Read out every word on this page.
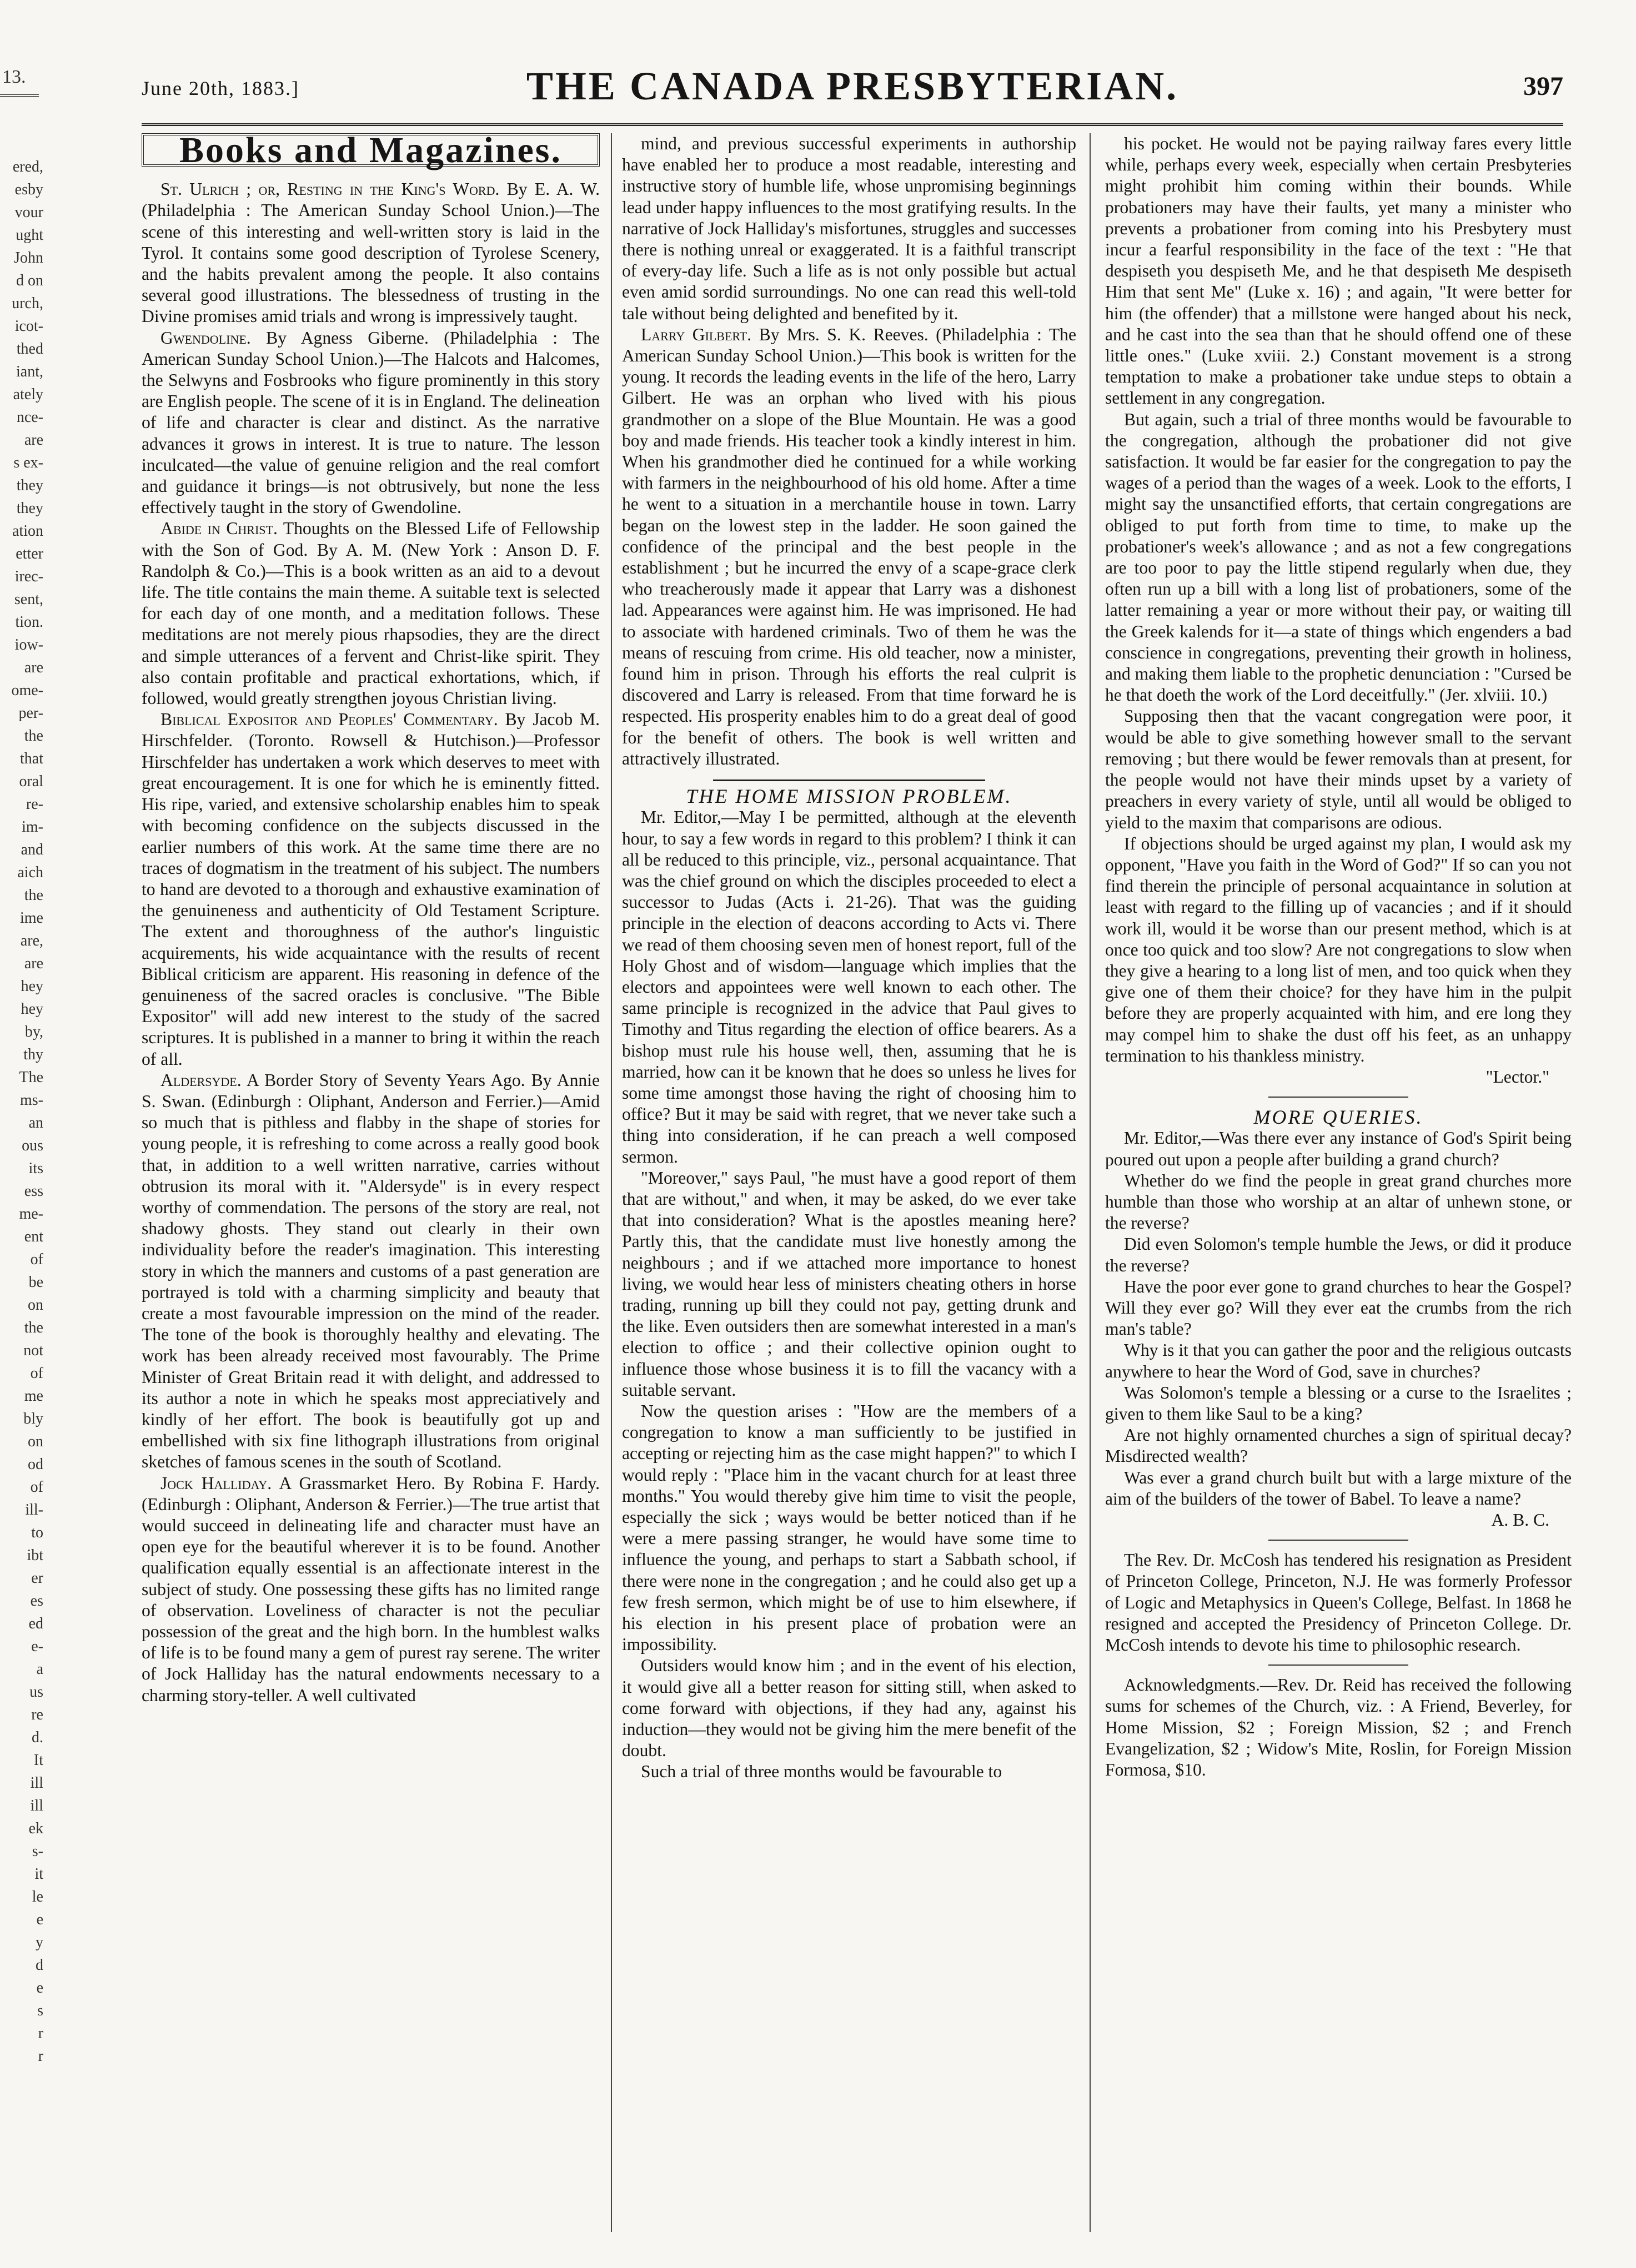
13.
ered,
esby
vour
ught
John
d on
urch,
icot-
thed
iant,
ately
nce-
are
s ex-
they
they
ation
etter
irec-
sent,
tion.
iow-
are
ome-
per-
the
that
oral
re-
im-
and
aich
the
ime
are,
are
hey
hey
by,
thy
The
ms-
an
ous
its
ess
me-
ent
of
be
on
the
not
of
me
bly
on
od
of
ill-
to
ibt
er
es
ed
e-
a
us
re
d.
It
ill
ill
ek
s-
it
le
e
y
d
e
s
r
r
June 20th, 1883.]	THE CANADA PRESBYTERIAN.	397
Books and Magazines.

St. Ulrich ; or, Resting in the King's Word. By E. A. W. (Philadelphia : The American Sunday School Union.)—The scene of this interesting and well-written story is laid in the Tyrol. It contains some good description of Tyrolese Scenery, and the habits prevalent among the people. It also contains several good illustrations. The blessedness of trusting in the Divine promises amid trials and wrong is impressively taught.

Gwendoline. By Agness Giberne. (Philadelphia : The American Sunday School Union.)—The Halcots and Halcomes, the Selwyns and Fosbrooks who figure prominently in this story are English people. The scene of it is in England. The delineation of life and character is clear and distinct. As the narrative advances it grows in interest. It is true to nature. The lesson inculcated—the value of genuine religion and the real comfort and guidance it brings—is not obtrusively, but none the less effectively taught in the story of Gwendoline.

Abide in Christ. Thoughts on the Blessed Life of Fellowship with the Son of God. By A. M. (New York : Anson D. F. Randolph & Co.)—This is a book written as an aid to a devout life. The title contains the main theme. A suitable text is selected for each day of one month, and a meditation follows. These meditations are not merely pious rhapsodies, they are the direct and simple utterances of a fervent and Christ-like spirit. They also contain profitable and practical exhortations, which, if followed, would greatly strengthen joyous Christian living.

Biblical Expositor and Peoples' Commentary. By Jacob M. Hirschfelder. (Toronto. Rowsell & Hutchison.)—Professor Hirschfelder has undertaken a work which deserves to meet with great encouragement. It is one for which he is eminently fitted. His ripe, varied, and extensive scholarship enables him to speak with becoming confidence on the subjects discussed in the earlier numbers of this work. At the same time there are no traces of dogmatism in the treatment of his subject. The numbers to hand are devoted to a thorough and exhaustive examination of the genuineness and authenticity of Old Testament Scripture. The extent and thoroughness of the author's linguistic acquirements, his wide acquaintance with the results of recent Biblical criticism are apparent. His reasoning in defence of the genuineness of the sacred oracles is conclusive. "The Bible Expositor" will add new interest to the study of the sacred scriptures. It is published in a manner to bring it within the reach of all.

Aldersyde. A Border Story of Seventy Years Ago. By Annie S. Swan. (Edinburgh : Oliphant, Anderson and Ferrier.)—Amid so much that is pithless and flabby in the shape of stories for young people, it is refreshing to come across a really good book that, in addition to a well written narrative, carries without obtrusion its moral with it. "Aldersyde" is in every respect worthy of commendation. The persons of the story are real, not shadowy ghosts. They stand out clearly in their own individuality before the reader's imagination. This interesting story in which the manners and customs of a past generation are portrayed is told with a charming simplicity and beauty that create a most favourable impression on the mind of the reader. The tone of the book is thoroughly healthy and elevating. The work has been already received most favourably. The Prime Minister of Great Britain read it with delight, and addressed to its author a note in which he speaks most appreciatively and kindly of her effort. The book is beautifully got up and embellished with six fine lithograph illustrations from original sketches of famous scenes in the south of Scotland.

Jock Halliday. A Grassmarket Hero. By Robina F. Hardy. (Edinburgh : Oliphant, Anderson & Ferrier.)—The true artist that would succeed in delineating life and character must have an open eye for the beautiful wherever it is to be found. Another qualification equally essential is an affectionate interest in the subject of study. One possessing these gifts has no limited range of observation. Loveliness of character is not the peculiar possession of the great and the high born. In the humblest walks of life is to be found many a gem of purest ray serene. The writer of Jock Halliday has the natural endowments necessary to a charming story-teller. A well cultivated

mind, and previous successful experiments in authorship have enabled her to produce a most readable, interesting and instructive story of humble life, whose unpromising beginnings lead under happy influences to the most gratifying results. In the narrative of Jock Halliday's misfortunes, struggles and successes there is nothing unreal or exaggerated. It is a faithful transcript of every-day life. Such a life as is not only possible but actual even amid sordid surroundings. No one can read this well-told tale without being delighted and benefited by it.

Larry Gilbert. By Mrs. S. K. Reeves. (Philadelphia : The American Sunday School Union.)—This book is written for the young. It records the leading events in the life of the hero, Larry Gilbert. He was an orphan who lived with his pious grandmother on a slope of the Blue Mountain. He was a good boy and made friends. His teacher took a kindly interest in him. When his grandmother died he continued for a while working with farmers in the neighbourhood of his old home. After a time he went to a situation in a merchantile house in town. Larry began on the lowest step in the ladder. He soon gained the confidence of the principal and the best people in the establishment ; but he incurred the envy of a scape-grace clerk who treacherously made it appear that Larry was a dishonest lad. Appearances were against him. He was imprisoned. He had to associate with hardened criminals. Two of them he was the means of rescuing from crime. His old teacher, now a minister, found him in prison. Through his efforts the real culprit is discovered and Larry is released. From that time forward he is respected. His prosperity enables him to do a great deal of good for the benefit of others. The book is well written and attractively illustrated.

THE HOME MISSION PROBLEM.

Mr. Editor,—May I be permitted, although at the eleventh hour, to say a few words in regard to this problem? I think it can all be reduced to this principle, viz., personal acquaintance. That was the chief ground on which the disciples proceeded to elect a successor to Judas (Acts i. 21-26). That was the guiding principle in the election of deacons according to Acts vi. There we read of them choosing seven men of honest report, full of the Holy Ghost and of wisdom—language which implies that the electors and appointees were well known to each other. The same principle is recognized in the advice that Paul gives to Timothy and Titus regarding the election of office bearers. As a bishop must rule his house well, then, assuming that he is married, how can it be known that he does so unless he lives for some time amongst those having the right of choosing him to office? But it may be said with regret, that we never take such a thing into consideration, if he can preach a well composed sermon.

"Moreover," says Paul, "he must have a good report of them that are without," and when, it may be asked, do we ever take that into consideration? What is the apostles meaning here? Partly this, that the candidate must live honestly among the neighbours ; and if we attached more importance to honest living, we would hear less of ministers cheating others in horse trading, running up bill they could not pay, getting drunk and the like. Even outsiders then are somewhat interested in a man's election to office ; and their collective opinion ought to influence those whose business it is to fill the vacancy with a suitable servant.

Now the question arises : "How are the members of a congregation to know a man sufficiently to be justified in accepting or rejecting him as the case might happen?" to which I would reply : "Place him in the vacant church for at least three months." You would thereby give him time to visit the people, especially the sick ; ways would be better noticed than if he were a mere passing stranger, he would have some time to influence the young, and perhaps to start a Sabbath school, if there were none in the congregation ; and he could also get up a few fresh sermon, which might be of use to him elsewhere, if his election in his present place of probation were an impossibility.

Outsiders would know him ; and in the event of his election, it would give all a better reason for sitting still, when asked to come forward with objections, if they had any, against his induction—they would not be giving him the mere benefit of the doubt.

Such a trial of three months would be favourable to

his pocket. He would not be paying railway fares every little while, perhaps every week, especially when certain Presbyteries might prohibit him coming within their bounds. While probationers may have their faults, yet many a minister who prevents a probationer from coming into his Presbytery must incur a fearful responsibility in the face of the text : "He that despiseth you despiseth Me, and he that despiseth Me despiseth Him that sent Me" (Luke x. 16) ; and again, "It were better for him (the offender) that a millstone were hanged about his neck, and he cast into the sea than that he should offend one of these little ones." (Luke xviii. 2.) Constant movement is a strong temptation to make a probationer take undue steps to obtain a settlement in any congregation.

But again, such a trial of three months would be favourable to the congregation, although the probationer did not give satisfaction. It would be far easier for the congregation to pay the wages of a period than the wages of a week. Look to the efforts, I might say the unsanctified efforts, that certain congregations are obliged to put forth from time to time, to make up the probationer's week's allowance ; and as not a few congregations are too poor to pay the little stipend regularly when due, they often run up a bill with a long list of probationers, some of the latter remaining a year or more without their pay, or waiting till the Greek kalends for it—a state of things which engenders a bad conscience in congregations, preventing their growth in holiness, and making them liable to the prophetic denunciation : "Cursed be he that doeth the work of the Lord deceitfully." (Jer. xlviii. 10.)

Supposing then that the vacant congregation were poor, it would be able to give something however small to the servant removing ; but there would be fewer removals than at present, for the people would not have their minds upset by a variety of preachers in every variety of style, until all would be obliged to yield to the maxim that comparisons are odious.

If objections should be urged against my plan, I would ask my opponent, "Have you faith in the Word of God?" If so can you not find therein the principle of personal acquaintance in solution at least with regard to the filling up of vacancies ; and if it should work ill, would it be worse than our present method, which is at once too quick and too slow? Are not congregations to slow when they give a hearing to a long list of men, and too quick when they give one of them their choice? for they have him in the pulpit before they are properly acquainted with him, and ere long they may compel him to shake the dust off his feet, as an unhappy termination to his thankless ministry.

"Lector."

MORE QUERIES.

Mr. Editor,—Was there ever any instance of God's Spirit being poured out upon a people after building a grand church?

Whether do we find the people in great grand churches more humble than those who worship at an altar of unhewn stone, or the reverse?

Did even Solomon's temple humble the Jews, or did it produce the reverse?

Have the poor ever gone to grand churches to hear the Gospel? Will they ever go? Will they ever eat the crumbs from the rich man's table?

Why is it that you can gather the poor and the religious outcasts anywhere to hear the Word of God, save in churches?

Was Solomon's temple a blessing or a curse to the Israelites ; given to them like Saul to be a king?

Are not highly ornamented churches a sign of spiritual decay? Misdirected wealth?

Was ever a grand church built but with a large mixture of the aim of the builders of the tower of Babel. To leave a name?

A. B. C.

The Rev. Dr. McCosh has tendered his resignation as President of Princeton College, Princeton, N.J. He was formerly Professor of Logic and Metaphysics in Queen's College, Belfast. In 1868 he resigned and accepted the Presidency of Princeton College. Dr. McCosh intends to devote his time to philosophic research.

Acknowledgments.—Rev. Dr. Reid has received the following sums for schemes of the Church, viz. : A Friend, Beverley, for Home Mission, $2 ; Foreign Mission, $2 ; and French Evangelization, $2 ; Widow's Mite, Roslin, for Foreign Mission Formosa, $10.
